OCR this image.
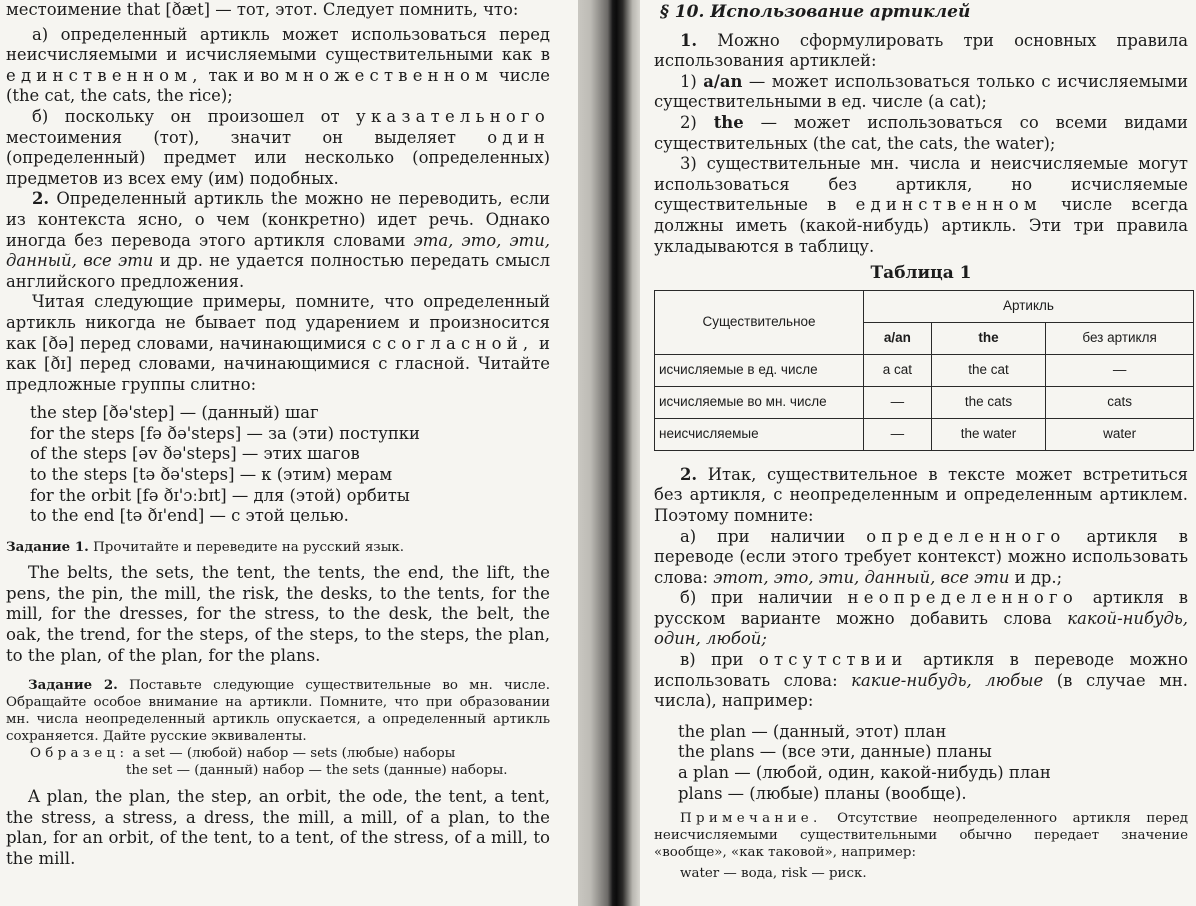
местоимение that [ðæt] — тот, этот. Следует помнить, что:

а) определенный артикль может использоваться перед неисчисляемыми и исчисляемыми существительными как в единственном, так и во множественном числе (the cat, the cats, the rice);

б) поскольку он произошел от указательного местоимения (тот), значит он выделяет один (определенный) предмет или несколько (определенных) предметов из всех ему (им) подобных.

2. Определенный артикль the можно не переводить, если из контекста ясно, о чем (конкретно) идет речь. Однако иногда без перевода этого артикля словами эта, это, эти, данный, все эти и др. не удается полностью передать смысл английского предложения.

Читая следующие примеры, помните, что определенный артикль никогда не бывает под ударением и произносится как [ðə] перед словами, начинающимися с согласной, и как [ðɪ] перед словами, начинающимися с гласной. Читайте предложные группы слитно:

the step [ðə'step] — (данный) шаг
for the steps [fə ðə'steps] — за (эти) поступки
of the steps [əv ðə'steps] — этих шагов
to the steps [tə ðə'steps] — к (этим) мерам
for the orbit [fə ðɪ'ɔːbɪt] — для (этой) орбиты
to the end [tə ðɪ'end] — с этой целью.

Задание 1. Прочитайте и переведите на русский язык.

The belts, the sets, the tent, the tents, the end, the lift, the pens, the pin, the mill, the risk, the desks, to the tents, for the mill, for the dresses, for the stress, to the desk, the belt, the oak, the trend, for the steps, of the steps, to the steps, the plan, to the plan, of the plan, for the plans.

Задание 2. Поставьте следующие существительные во мн. числе. Обращайте особое внимание на артикли. Помните, что при образовании мн. числа неопределенный артикль опускается, а определенный артикль сохраняется. Дайте русские эквиваленты.

Образец: a set — (любой) набор — sets (любые) наборы
the set — (данный) набор — the sets (данные) наборы.

A plan, the plan, the step, an orbit, the ode, the tent, a tent, the stress, a stress, a dress, the mill, a mill, of a plan, to the plan, for an orbit, of the tent, to a tent, of the stress, of a mill, to the mill.

§ 10. Использование артиклей

1. Можно сформулировать три основных правила использования артиклей:

1) a/an — может использоваться только с исчисляемыми существительными в ед. числе (a cat);

2) the — может использоваться со всеми видами существительных (the cat, the cats, the water);

3) существительные мн. числа и неисчисляемые могут использоваться без артикля, но исчисляемые существительные в единственном числе всегда должны иметь (какой-нибудь) артикль. Эти три правила укладываются в таблицу.

Таблица 1
Существительное	Артикль		
	a/an	the	без артикля
исчисляемые в ед. числе	a cat	the cat	—
исчисляемые во мн. числе	—	the cats	cats
неисчисляемые	—	the water	water

2. Итак, существительное в тексте может встретиться без артикля, с неопределенным и определенным артиклем. Поэтому помните:

а) при наличии определенного артикля в переводе (если этого требует контекст) можно использовать слова: этот, это, эти, данный, все эти и др.;

б) при наличии неопределенного артикля в русском варианте можно добавить слова какой-нибудь, один, любой;

в) при отсутствии артикля в переводе можно использовать слова: какие-нибудь, любые (в случае мн. числа), например:

the plan — (данный, этот) план
the plans — (все эти, данные) планы
a plan — (любой, один, какой-нибудь) план
plans — (любые) планы (вообще).

Примечание. Отсутствие неопределенного артикля перед неисчисляемыми существительными обычно передает значение «вообще», «как таковой», например:

water — вода, risk — риск.
